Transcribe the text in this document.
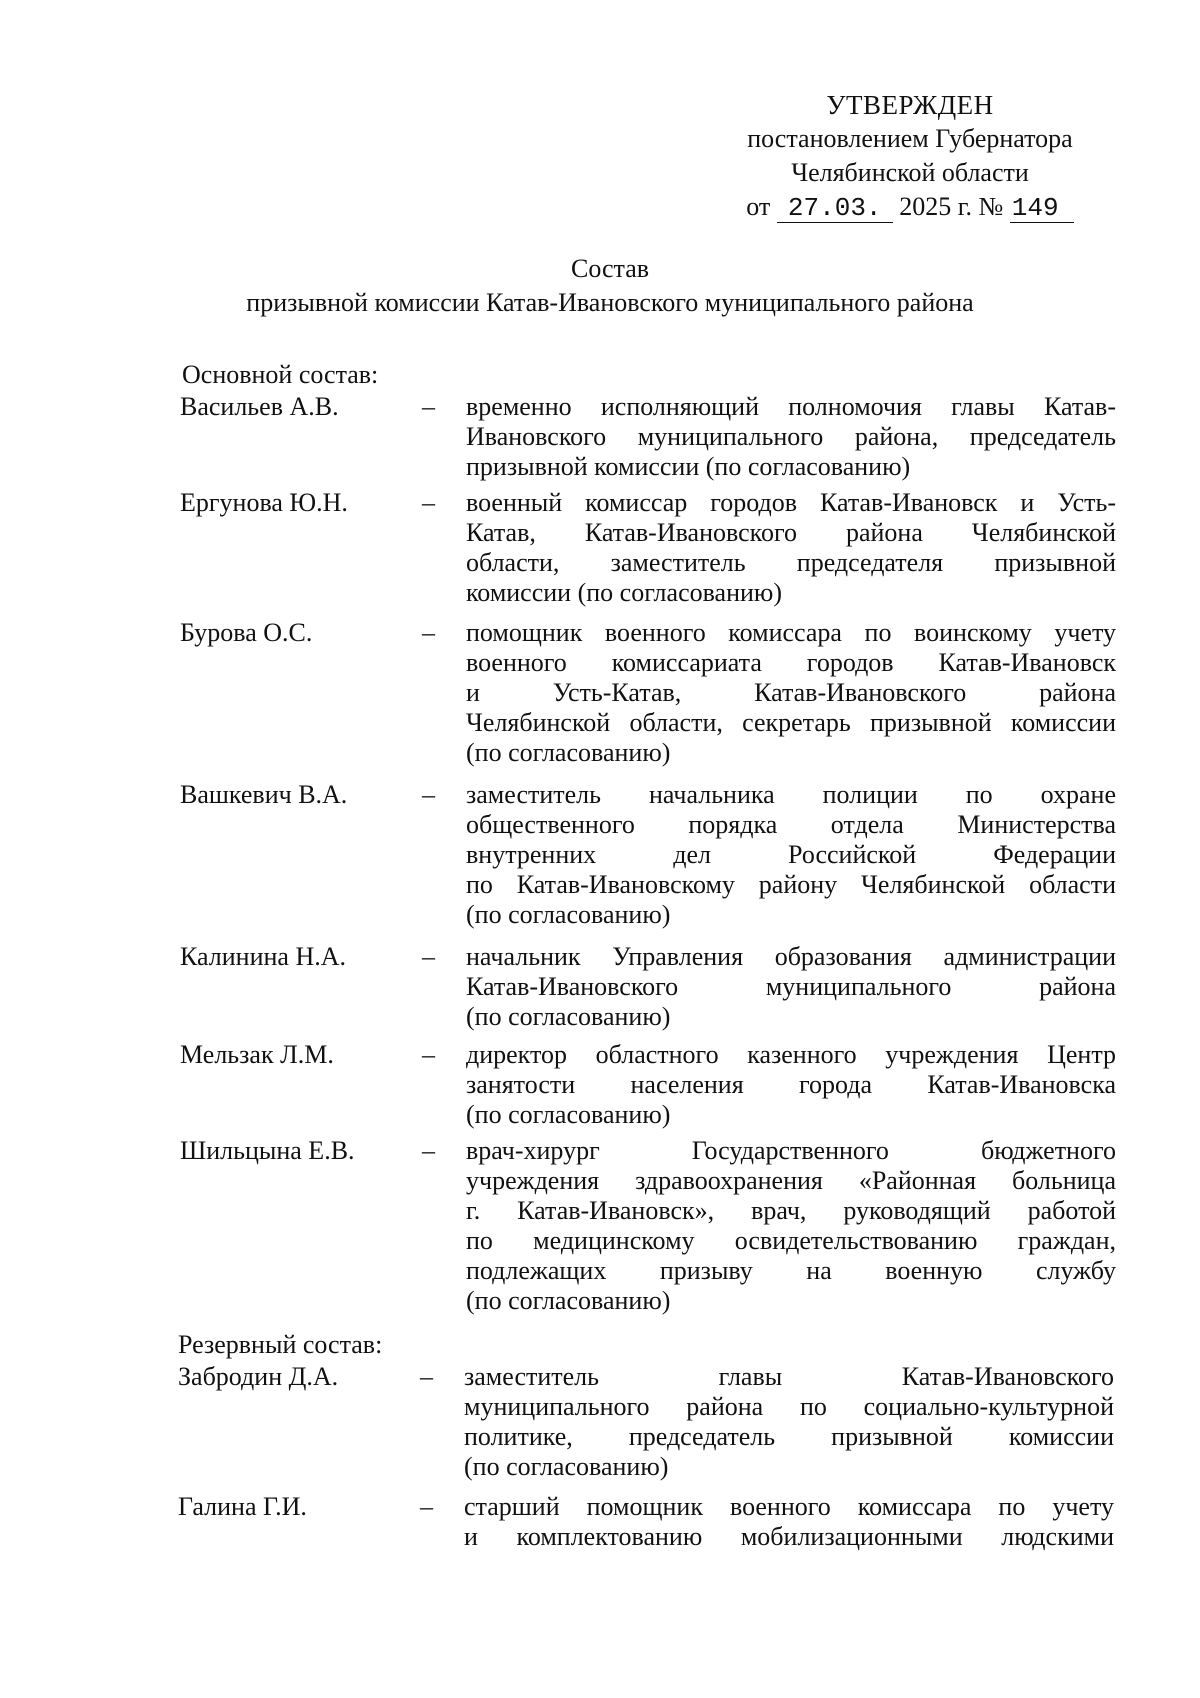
УТВЕРЖДЕН
постановлением Губернатора
Челябинской области
от 27.03. 2025 г. № 149
Состав
призывной комиссии Катав-Ивановского муниципального района
Основной состав:
Васильев А.В.	– временно исполняющий полномочия главы Катав-
Ивановского муниципального района, председатель
призывной комиссии (по согласованию)
Ергунова Ю.Н.	– военный комиссар городов Катав-Ивановск и Усть-
Катав, Катав-Ивановского района Челябинской
области, заместитель председателя призывной
комиссии (по согласованию)
Бурова О.С.	– помощник военного комиссара по воинскому учету
военного комиссариата городов Катав-Ивановск
и Усть-Катав, Катав-Ивановского района
Челябинской области, секретарь призывной комиссии
(по согласованию)
Вашкевич В.А.	– заместитель начальника полиции по охране
общественного порядка отдела Министерства
внутренних дел Российской Федерации
по Катав-Ивановскому району Челябинской области
(по согласованию)
Калинина Н.А.	– начальник Управления образования администрации
Катав-Ивановского муниципального района
(по согласованию)
Мельзак Л.М.	– директор областного казенного учреждения Центр
занятости населения города Катав-Ивановска
(по согласованию)
Шильцына Е.В.	– врач-хирург Государственного бюджетного
учреждения здравоохранения «Районная больница
г. Катав-Ивановск», врач, руководящий работой
по медицинскому освидетельствованию граждан,
подлежащих призыву на военную службу
(по согласованию)
Резервный состав:
Забродин Д.А.	– заместитель главы Катав-Ивановского
муниципального района по социально-культурной
политике, председатель призывной комиссии
(по согласованию)
Галина Г.И.	– старший помощник военного комиссара по учету
и комплектованию мобилизационными людскими
